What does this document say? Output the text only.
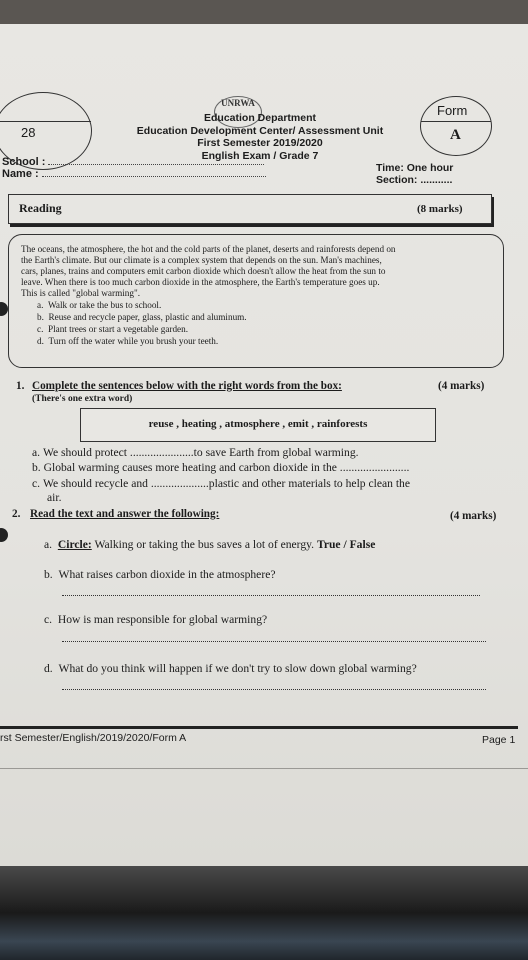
28
UNRWA
Education Department
Education Development Center/ Assessment Unit
First Semester 2019/2020
English Exam / Grade 7
Form
A
School :
Name :	Time: One hour
Section: ...........
Reading	(8 marks)

The oceans, the atmosphere, the hot and the cold parts of the planet, deserts and rainforests depend on

the Earth's climate. But our climate is a complex system that depends on the sun. Man's machines,

cars, planes, trains and computers emit carbon dioxide which doesn't allow the heat from the sun to

leave. When there is too much carbon dioxide in the atmosphere, the Earth's temperature goes up.

This is called "global warming".

a. Walk or take the bus to school.
b. Reuse and recycle paper, glass, plastic and aluminum.
c. Plant trees or start a vegetable garden.
d. Turn off the water while you brush your teeth.
1. Complete the sentences below with the right words from the box:	(4 marks)
(There's one extra word)
reuse , heating , atmosphere , emit , rainforests
a. We should protect ......................to save Earth from global warming.
b. Global warming causes more heating and carbon dioxide in the ........................
c. We should recycle and ....................plastic and other materials to help clean the
air.
2. Read the text and answer the following:	(4 marks)
a. Circle: Walking or taking the bus saves a lot of energy. True / False
b. What raises carbon dioxide in the atmosphere?
c. How is man responsible for global warming?
d. What do you think will happen if we don't try to slow down global warming?
rst Semester/English/2019/2020/Form A	Page 1
